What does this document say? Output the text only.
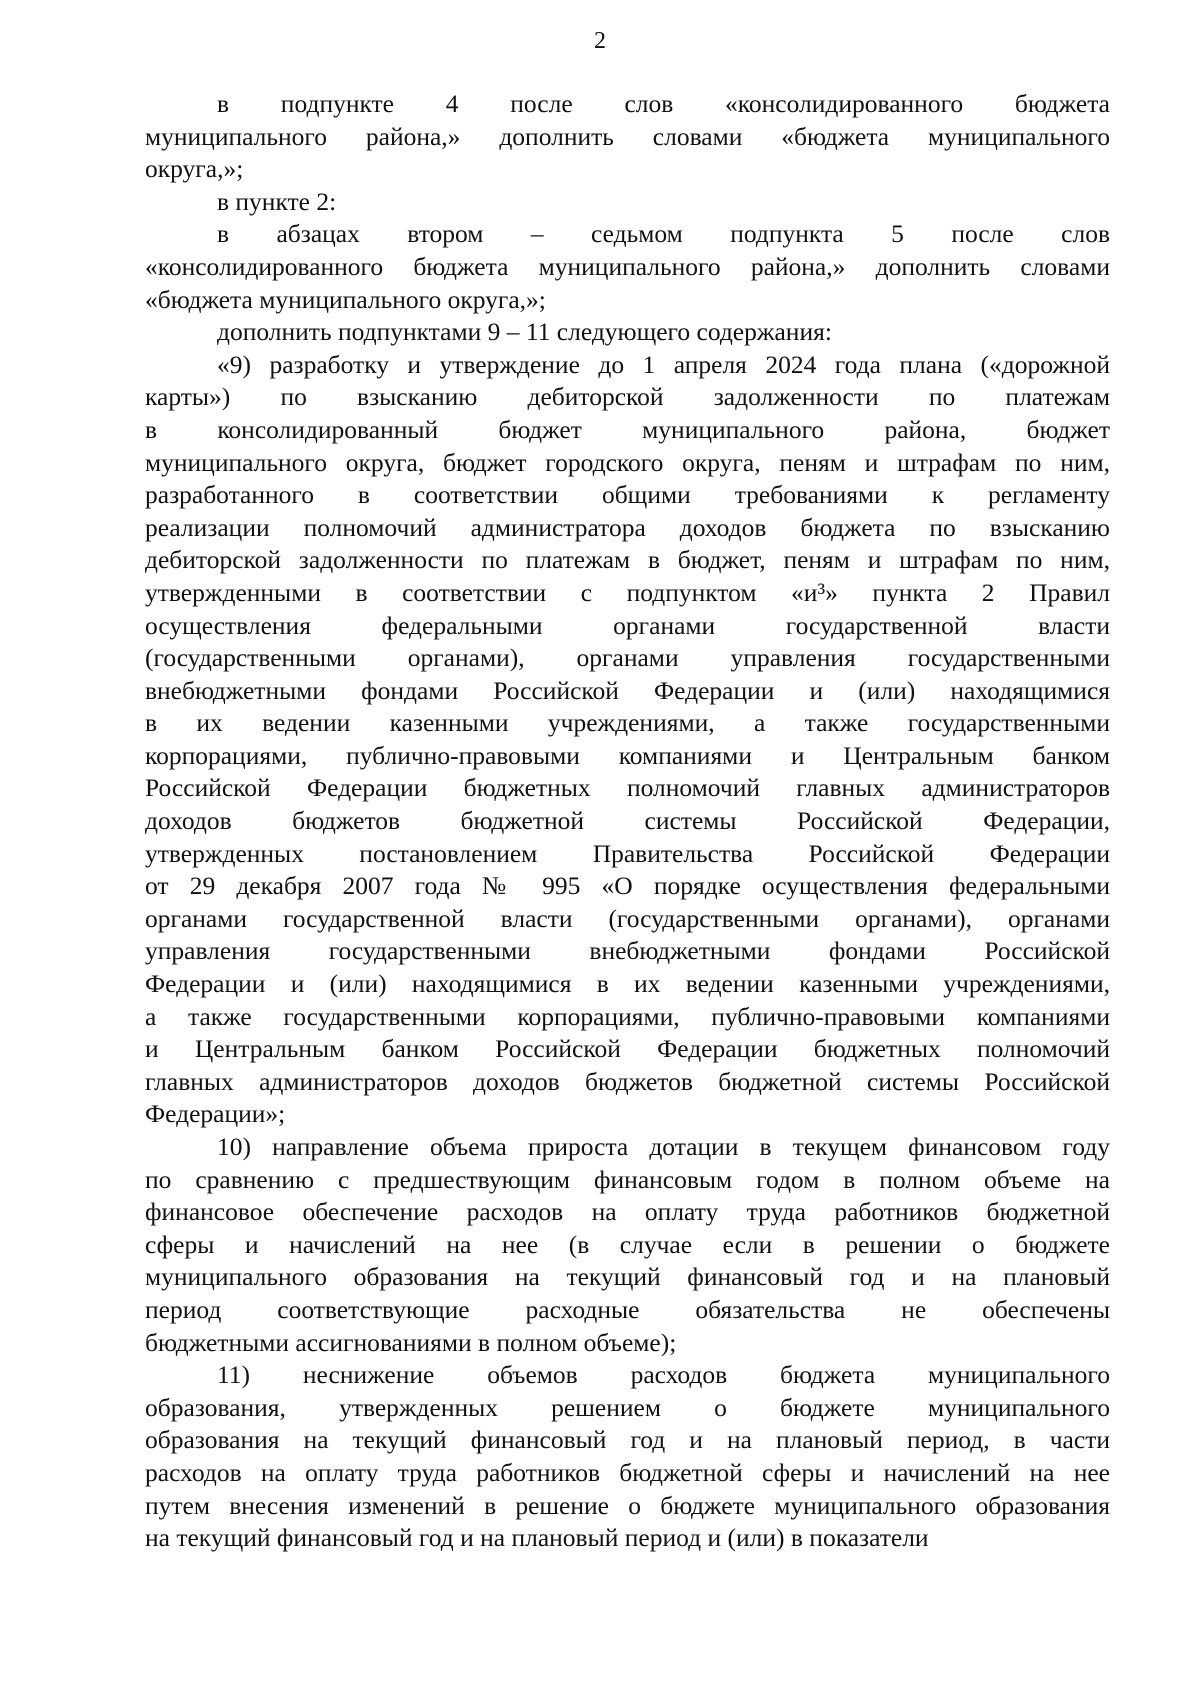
2
в подпункте 4 после слов «консолидированного бюджета
муниципального района,» дополнить словами «бюджета муниципального
округа,»;
в пункте 2:
в абзацах втором – седьмом подпункта 5 после слов
«консолидированного бюджета муниципального района,» дополнить словами
«бюджета муниципального округа,»;
дополнить подпунктами 9 – 11 следующего содержания:
«9) разработку и утверждение до 1 апреля 2024 года плана («дорожной
карты») по взысканию дебиторской задолженности по платежам
в консолидированный бюджет муниципального района, бюджет
муниципального округа, бюджет городского округа, пеням и штрафам по ним,
разработанного в соответствии общими требованиями к регламенту
реализации полномочий администратора доходов бюджета по взысканию
дебиторской задолженности по платежам в бюджет, пеням и штрафам по ним,
утвержденными в соответствии с подпунктом «и³» пункта 2 Правил
осуществления федеральными органами государственной власти
(государственными органами), органами управления государственными
внебюджетными фондами Российской Федерации и (или) находящимися
в их ведении казенными учреждениями, а также государственными
корпорациями, публично-правовыми компаниями и Центральным банком
Российской Федерации бюджетных полномочий главных администраторов
доходов бюджетов бюджетной системы Российской Федерации,
утвержденных постановлением Правительства Российской Федерации
от 29 декабря 2007 года № 995 «О порядке осуществления федеральными
органами государственной власти (государственными органами), органами
управления государственными внебюджетными фондами Российской
Федерации и (или) находящимися в их ведении казенными учреждениями,
а также государственными корпорациями, публично-правовыми компаниями
и Центральным банком Российской Федерации бюджетных полномочий
главных администраторов доходов бюджетов бюджетной системы Российской
Федерации»;
10) направление объема прироста дотации в текущем финансовом году
по сравнению с предшествующим финансовым годом в полном объеме на
финансовое обеспечение расходов на оплату труда работников бюджетной
сферы и начислений на нее (в случае если в решении о бюджете
муниципального образования на текущий финансовый год и на плановый
период соответствующие расходные обязательства не обеспечены
бюджетными ассигнованиями в полном объеме);
11) неснижение объемов расходов бюджета муниципального
образования, утвержденных решением о бюджете муниципального
образования на текущий финансовый год и на плановый период, в части
расходов на оплату труда работников бюджетной сферы и начислений на нее
путем внесения изменений в решение о бюджете муниципального образования
на текущий финансовый год и на плановый период и (или) в показатели
